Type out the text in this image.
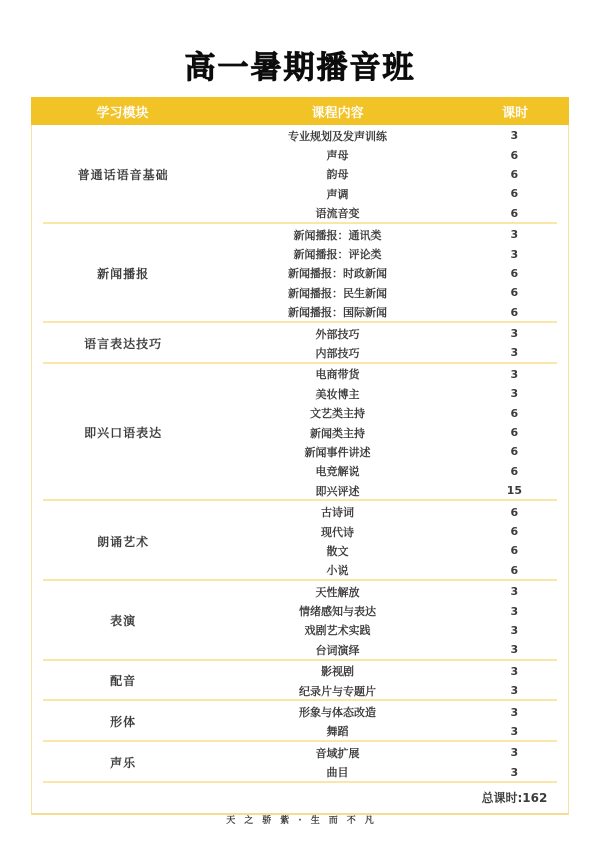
高一暑期播音班
学习模块	课程内容	课时
普通话语音基础
专业规划及发声训练	3
声母	6
韵母	6
声调	6
语流音变	6
新闻播报
新闻播报：通讯类	3
新闻播报：评论类	3
新闻播报：时政新闻	6
新闻播报：民生新闻	6
新闻播报：国际新闻	6
语言表达技巧
外部技巧	3
内部技巧	3
即兴口语表达
电商带货	3
美妆博主	3
文艺类主持	6
新闻类主持	6
新闻事件讲述	6
电竞解说	6
即兴评述	15
朗诵艺术
古诗词	6
现代诗	6
散文	6
小说	6
表演
天性解放	3
情绪感知与表达	3
戏剧艺术实践	3
台词演绎	3
配音
影视剧	3
纪录片与专题片	3
形体
形象与体态改造	3
舞蹈	3
声乐
音域扩展	3
曲目	3
总课时:162
天之骄紫·生而不凡
